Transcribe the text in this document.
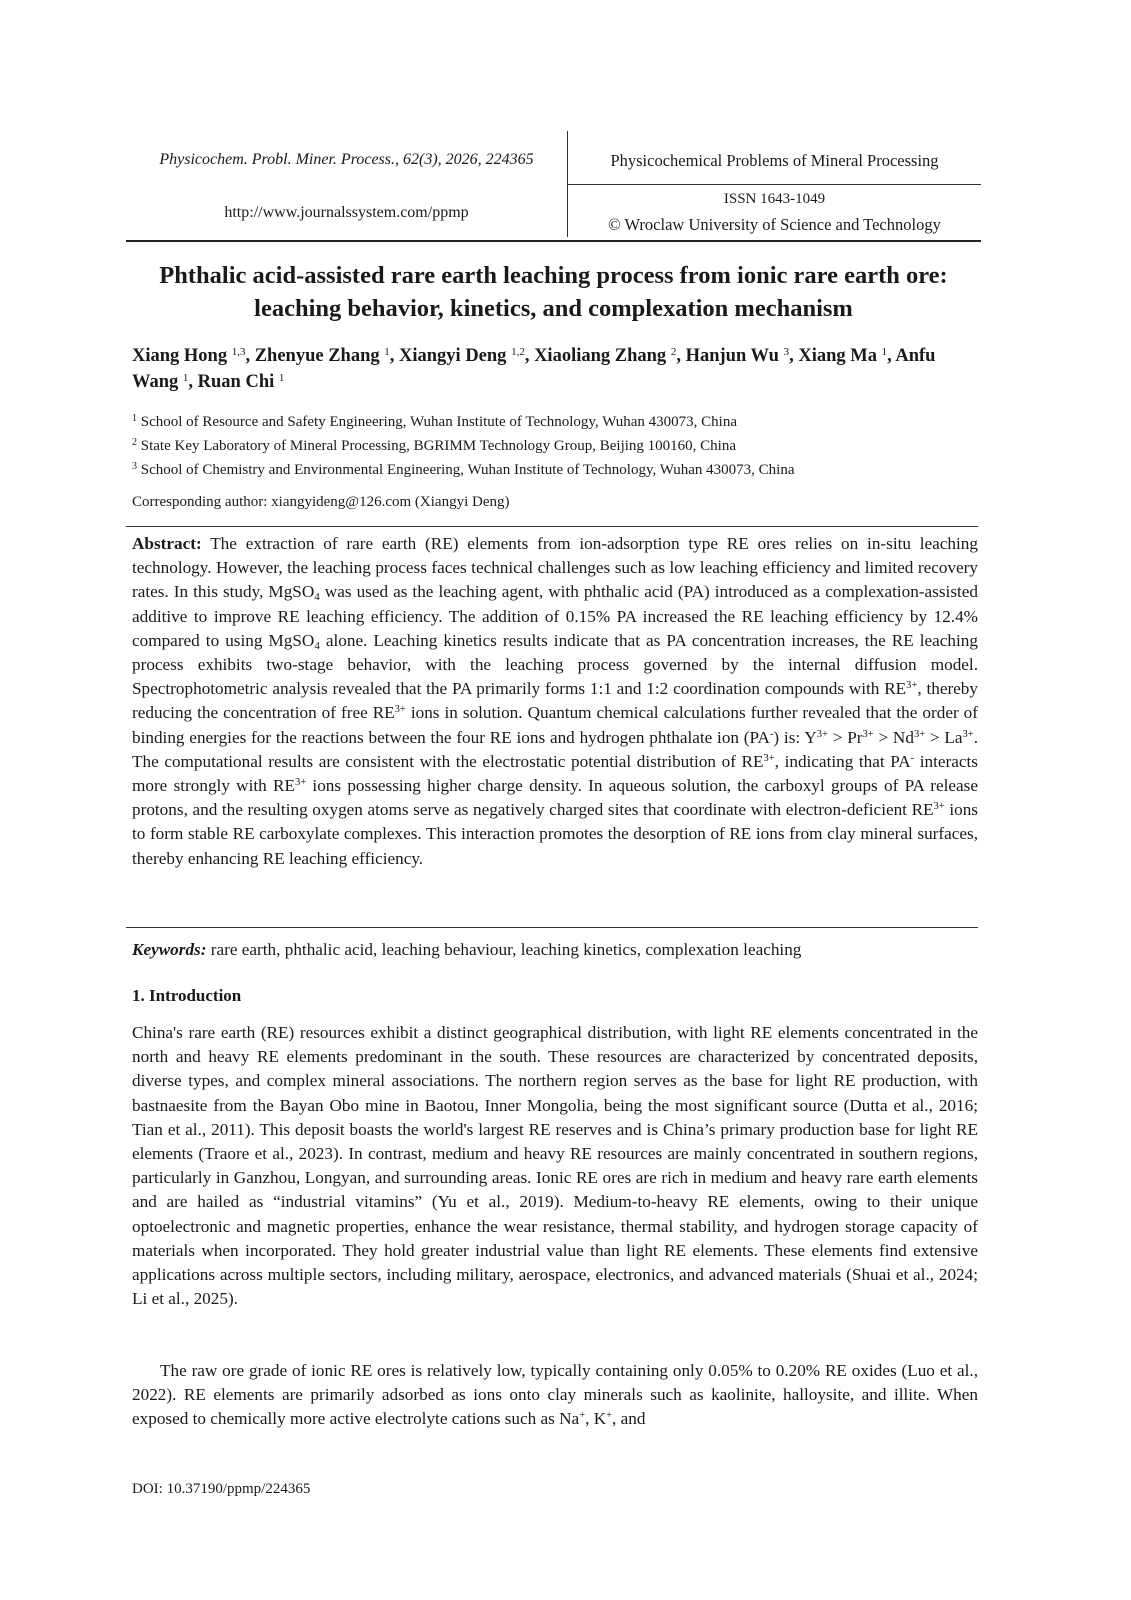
Physicochem. Probl. Miner. Process., 62(3), 2026, 224365
http://www.journalssystem.com/ppmp
Physicochemical Problems of Mineral Processing
ISSN 1643-1049
© Wroclaw University of Science and Technology
Phthalic acid-assisted rare earth leaching process from ionic rare earth ore: leaching behavior, kinetics, and complexation mechanism
Xiang Hong $^{1,3}$, Zhenyue Zhang $^1$, Xiangyi Deng $^{1,2}$, Xiaoliang Zhang $^2$, Hanjun Wu $^3$, Xiang Ma $^1$, Anfu Wang $^1$, Ruan Chi $^1$
$^1$ School of Resource and Safety Engineering, Wuhan Institute of Technology, Wuhan 430073, China
$^2$ State Key Laboratory of Mineral Processing, BGRIMM Technology Group, Beijing 100160, China
$^3$ School of Chemistry and Environmental Engineering, Wuhan Institute of Technology, Wuhan 430073, China
Corresponding author: xiangyideng@126.com (Xiangyi Deng)
Abstract: The extraction of rare earth (RE) elements from ion-adsorption type RE ores relies on in-situ leaching technology. However, the leaching process faces technical challenges such as low leaching efficiency and limited recovery rates. In this study, MgSO$_4$ was used as the leaching agent, with phthalic acid (PA) introduced as a complexation-assisted additive to improve RE leaching efficiency. The addition of 0.15% PA increased the RE leaching efficiency by 12.4% compared to using MgSO$_4$ alone. Leaching kinetics results indicate that as PA concentration increases, the RE leaching process exhibits two-stage behavior, with the leaching process governed by the internal diffusion model. Spectrophotometric analysis revealed that the PA primarily forms 1:1 and 1:2 coordination compounds with $RE^{3+}$, thereby reducing the concentration of free $RE^{3+}$ ions in solution. Quantum chemical calculations further revealed that the order of binding energies for the reactions between the four RE ions and hydrogen phthalate ion (PA-) is: $Y^{3+} > Pr^{3+} > Nd^{3+} > La^{3+}$. The computational results are consistent with the electrostatic potential distribution of $RE^{3+}$, indicating that PA- interacts more strongly with $RE^{3+}$ ions possessing higher charge density. In aqueous solution, the carboxyl groups of PA release protons, and the resulting oxygen atoms serve as negatively charged sites that coordinate with electron-deficient $RE^{3+}$ ions to form stable RE carboxylate complexes. This interaction promotes the desorption of RE ions from clay mineral surfaces, thereby enhancing RE leaching efficiency.
Keywords: rare earth, phthalic acid, leaching behaviour, leaching kinetics, complexation leaching
1. Introduction
China's rare earth (RE) resources exhibit a distinct geographical distribution, with light RE elements concentrated in the north and heavy RE elements predominant in the south. These resources are characterized by concentrated deposits, diverse types, and complex mineral associations. The northern region serves as the base for light RE production, with bastnaesite from the Bayan Obo mine in Baotou, Inner Mongolia, being the most significant source (Dutta et al., 2016; Tian et al., 2011). This deposit boasts the world's largest RE reserves and is China’s primary production base for light RE elements (Traore et al., 2023). In contrast, medium and heavy RE resources are mainly concentrated in southern regions, particularly in Ganzhou, Longyan, and surrounding areas. Ionic RE ores are rich in medium and heavy rare earth elements and are hailed as “industrial vitamins” (Yu et al., 2019). Medium-to-heavy RE elements, owing to their unique optoelectronic and magnetic properties, enhance the wear resistance, thermal stability, and hydrogen storage capacity of materials when incorporated. They hold greater industrial value than light RE elements. These elements find extensive applications across multiple sectors, including military, aerospace, electronics, and advanced materials (Shuai et al., 2024; Li et al., 2025).
The raw ore grade of ionic RE ores is relatively low, typically containing only 0.05% to 0.20% RE oxides (Luo et al., 2022). RE elements are primarily adsorbed as ions onto clay minerals such as kaolinite, halloysite, and illite. When exposed to chemically more active electrolyte cations such as Na+, K+, and
DOI: 10.37190/ppmp/224365
